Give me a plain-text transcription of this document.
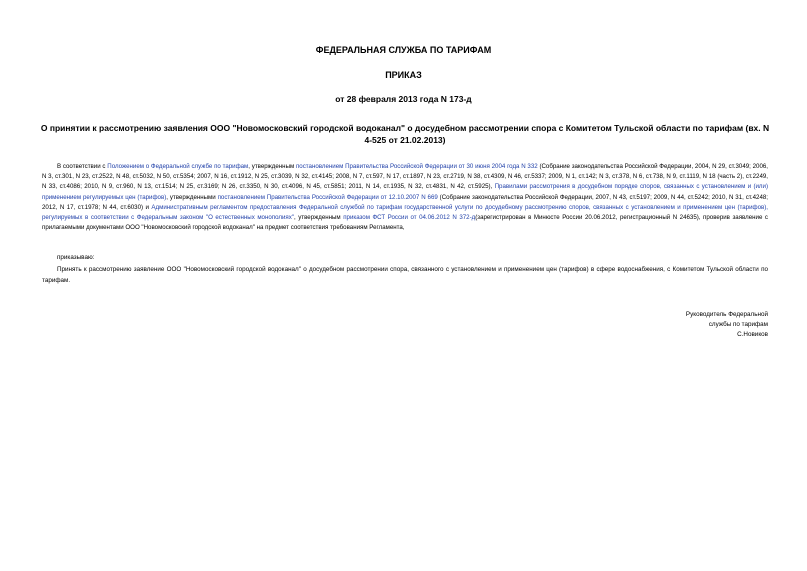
ФЕДЕРАЛЬНАЯ СЛУЖБА ПО ТАРИФАМ
ПРИКАЗ
от 28 февраля 2013 года N 173-д
О принятии к рассмотрению заявления ООО "Новомосковский городской водоканал" о досудебном рассмотрении спора с Комитетом Тульской области по тарифам (вх. N 4-525 от 21.02.2013)
В соответствии с Положением о Федеральной службе по тарифам, утвержденным постановлением Правительства Российской Федерации от 30 июня 2004 года N 332 (Собрание законодательства Российской Федерации, 2004, N 29, ст.3049; 2006, N 3, ст.301, N 23, ст.2522, N 48, ст.5032, N 50, ст.5354; 2007, N 16, ст.1912, N 25, ст.3039, N 32, ст.4145; 2008, N 7, ст.597, N 17, ст.1897, N 23, ст.2719, N 38, ст.4309, N 46, ст.5337; 2009, N 1, ст.142; N 3, ст.378, N 6, ст.738, N 9, ст.1119, N 18 (часть 2), ст.2249, N 33, ст.4086; 2010, N 9, ст.960, N 13, ст.1514; N 25, ст.3169; N 26, ст.3350, N 30, ст.4096, N 45, ст.5851; 2011, N 14, ст.1935, N 32, ст.4831, N 42, ст.5925), Правилами рассмотрения в досудебном порядке споров, связанных с установлением и (или) применением регулируемых цен (тарифов), утвержденными постановлением Правительства Российской Федерации от 12.10.2007 N 669 (Собрание законодательства Российской Федерации, 2007, N 43, ст.5197; 2009, N 44, ст.5242; 2010, N 31, ст.4248; 2012, N 17, ст.1978; N 44, ст.6030) и Административным регламентом предоставления Федеральной службой по тарифам государственной услуги по досудебному рассмотрению споров, связанных с установлением и применением цен (тарифов), регулируемых в соответствии с Федеральным законом "О естественных монополиях", утвержденным приказом ФСТ России от 04.06.2012 N 372-д(зарегистрирован в Минюсте России 20.06.2012, регистрационный N 24635), проверив заявление с прилагаемыми документами ООО "Новомосковский городской водоканал" на предмет соответствия требованиям Регламента,
приказываю:
Принять к рассмотрению заявление ООО "Новомосковский городской водоканал" о досудебном рассмотрении спора, связанного с установлением и применением цен (тарифов) в сфере водоснабжения, с Комитетом Тульской области по тарифам.
Руководитель Федеральной
службы по тарифам
С.Новиков
